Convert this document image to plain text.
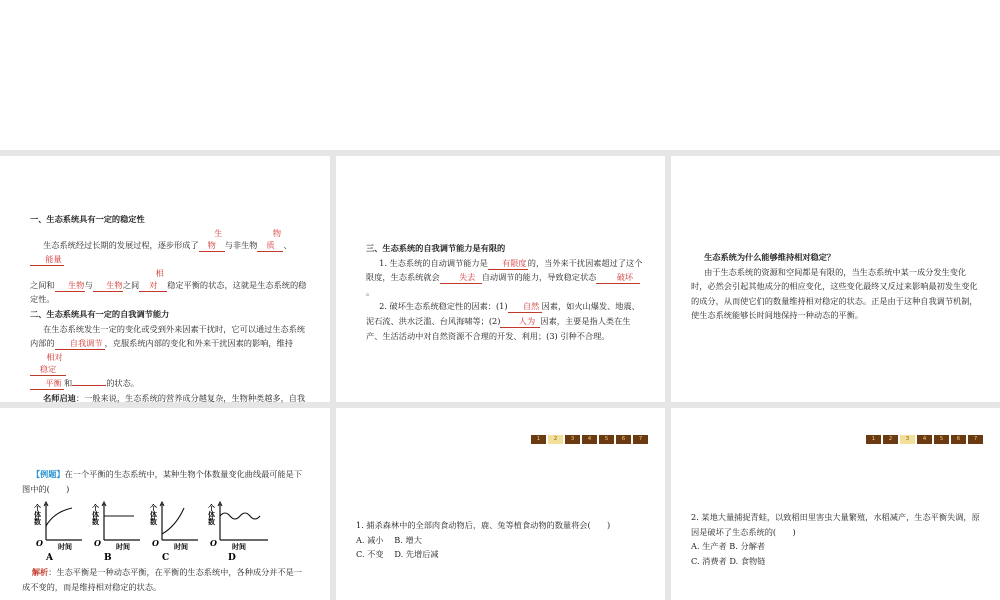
一、生态系统具有一定的稳定性
生态系统经过长期的发展过程，逐步形成了生物 与非生物物质 、能量
之间和 生物与 生物之间相对 稳定平衡的状态，这就是生态系统的稳定性。
二、生态系统具有一定的自我调节能力
在生态系统发生一定的变化或受到外来因素干扰时，它可以通过生态系统内部的 自我调节 ，克服系统内部的变化和外来干扰因素的影响，维持相对稳定
平衡 和	的状态。
名师启迪：一般来说，生态系统的营养成分越复杂，生物种类越多，自我
三、生态系统的自我调节能力是有限的
1. 生态系统的自动调节能力是 有限度的，当外来干扰因素超过了这个限度，生态系统就会 失去 自动调节的能力，导致稳定状态 破坏。
2. 破坏生态系统稳定性的因素：(1) 自然 因素，如火山爆发、地震、泥石流、洪水泛滥、台风海啸等；(2) 人为 因素，主要是指人类在生产、生活活动中对自然资源不合理的开发、利用；(3) 引种不合理。
生态系统为什么能够维持相对稳定？
由于生态系统的资源和空间都是有限的，当生态系统中某一成分发生变化时，必然会引起其他成分的相应变化，这些变化最终又反过来影响最初发生变化的成分，从而使它们的数量维持相对稳定的状态。正是由于这种自我调节机制，使生态系统能够长时间地保持一种动态的平衡。
【例题】在一个平衡的生态系统中，某种生物个体数量变化曲线最可能是下图中的(　　)
个体数
O 时间
A
个体数
O 时间
B
个体数
O 时间
C
个体数
O 时间
D
解析：生态平衡是一种动态平衡，在平衡的生态系统中，各种成分并不是一成不变的，而是维持相对稳定的状态。
1	2	3	4	5	6	7
1. 捕杀森林中的全部肉食动物后，鹿、兔等植食动物的数量将会(　　)
A. 减小　 B. 增大
C. 不变　 D. 先增后减
1	2	3	4	5	6	7
2. 某地大量捕捉青蛙，以致稻田里害虫大量繁殖，水稻减产，生态平衡失调，原因是破坏了生态系统的(　　)
A. 生产者 B. 分解者
C. 消费者 D. 食物链
